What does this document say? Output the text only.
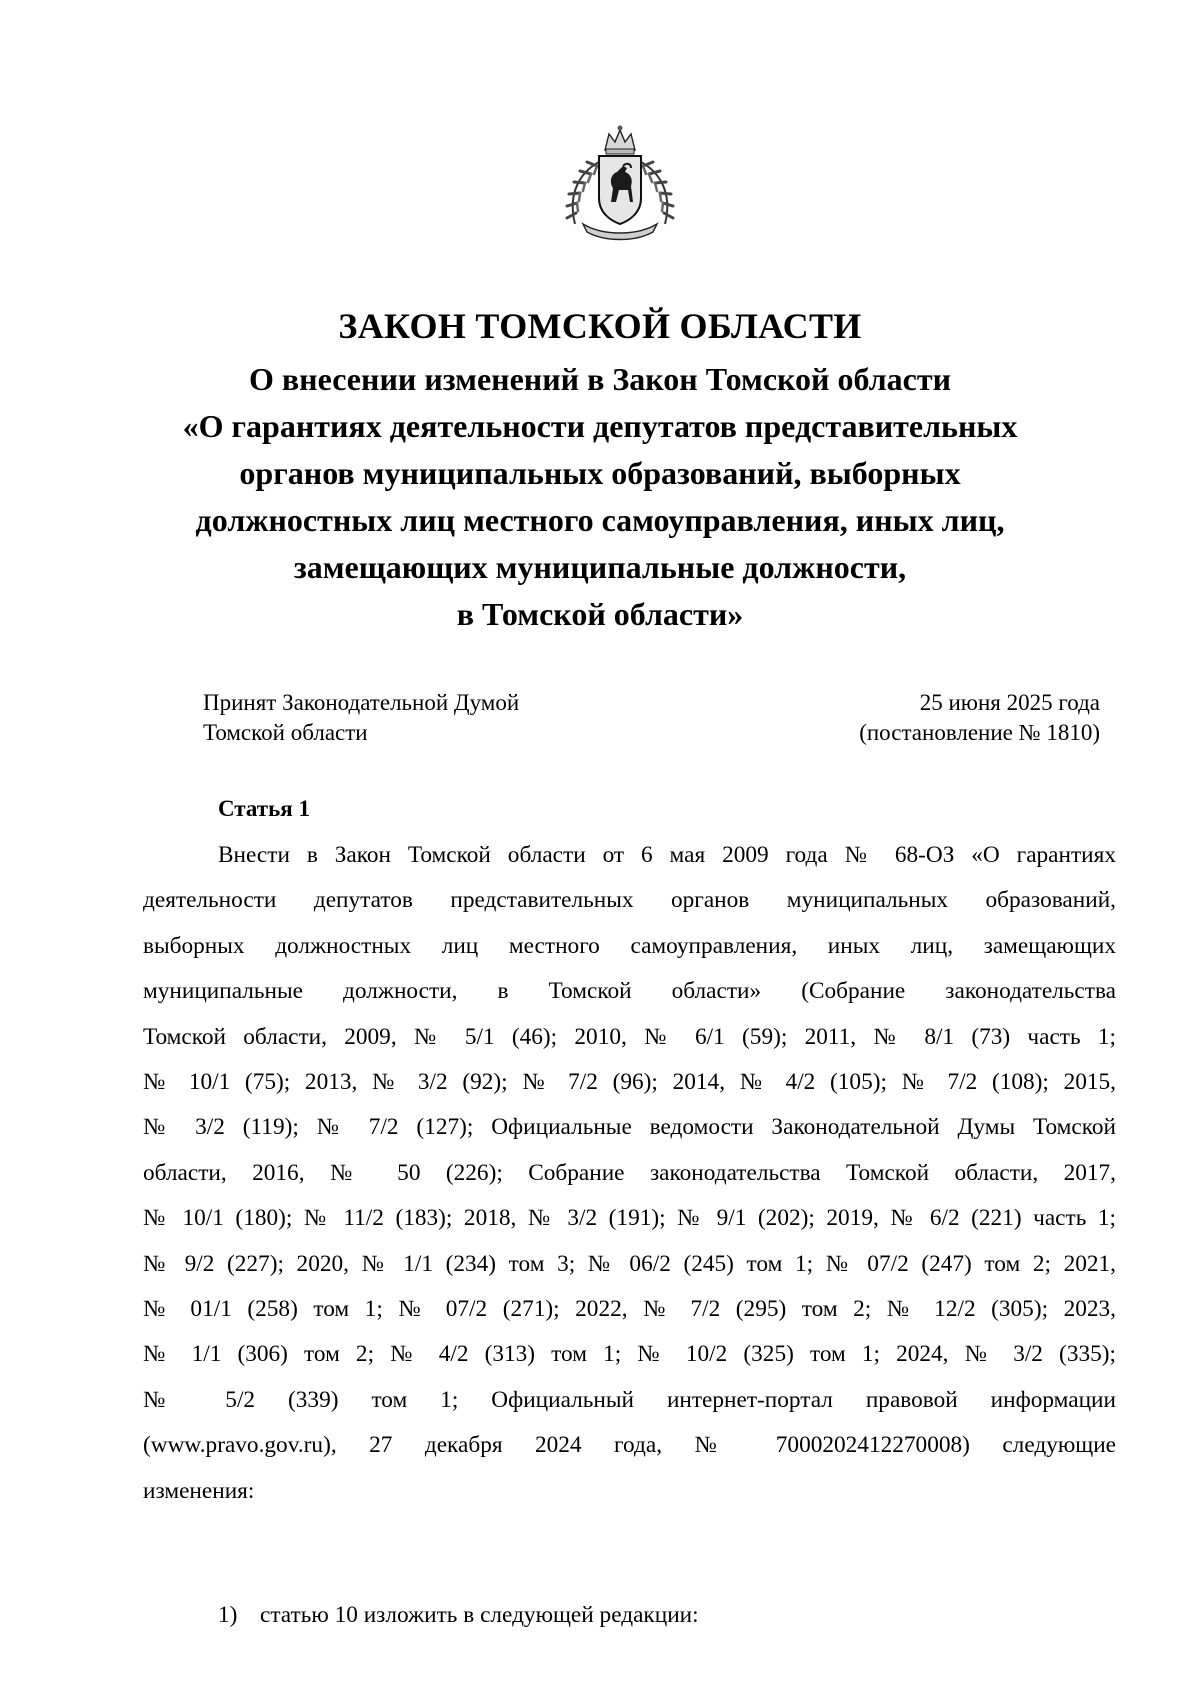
ЗАКОН ТОМСКОЙ ОБЛАСТИ
О внесении изменений в Закон Томской области
«О гарантиях деятельности депутатов представительных
органов муниципальных образований, выборных
должностных лиц местного самоуправления, иных лиц,
замещающих муниципальные должности,
в Томской области»
Принят Законодательной Думой
Томской области
25 июня 2025 года
(постановление № 1810)
Статья 1
Внести в Закон Томской области от 6 мая 2009 года № 68-ОЗ «О гарантиях
деятельности депутатов представительных органов муниципальных образований,
выборных должностных лиц местного самоуправления, иных лиц, замещающих
муниципальные должности, в Томской области» (Собрание законодательства
Томской области, 2009, № 5/1 (46); 2010, № 6/1 (59); 2011, № 8/1 (73) часть 1;
№ 10/1 (75); 2013, № 3/2 (92); № 7/2 (96); 2014, № 4/2 (105); № 7/2 (108); 2015,
№ 3/2 (119); № 7/2 (127); Официальные ведомости Законодательной Думы Томской
области, 2016, № 50 (226); Собрание законодательства Томской области, 2017,
№ 10/1 (180); № 11/2 (183); 2018, № 3/2 (191); № 9/1 (202); 2019, № 6/2 (221) часть 1;
№ 9/2 (227); 2020, № 1/1 (234) том 3; № 06/2 (245) том 1; № 07/2 (247) том 2; 2021,
№ 01/1 (258) том 1; № 07/2 (271); 2022, № 7/2 (295) том 2; № 12/2 (305); 2023,
№ 1/1 (306) том 2; № 4/2 (313) том 1; № 10/2 (325) том 1; 2024, № 3/2 (335);
№ 5/2 (339) том 1; Официальный интернет-портал правовой информации
(www.pravo.gov.ru), 27 декабря 2024 года, № 7000202412270008) следующие
изменения:
1) статью 10 изложить в следующей редакции:
